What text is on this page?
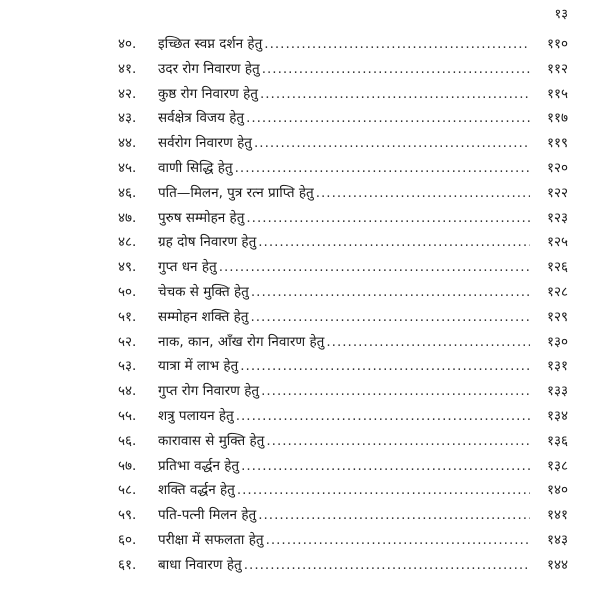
१३
४०.	इच्छित स्वप्न दर्शन हेतु .....	११०
४१.	उदर रोग निवारण हेतु .....	११२
४२.	कुष्ठ रोग निवारण हेतु .....	११५
४३.	सर्वक्षेत्र विजय हेतु .....	११७
४४.	सर्वरोग निवारण हेतु .....	११९
४५.	वाणी सिद्धि हेतु .....	१२०
४६.	पति—मिलन, पुत्र रत्न प्राप्ति हेतु .....	१२२
४७.	पुरुष सम्मोहन हेतु .....	१२३
४८.	ग्रह दोष निवारण हेतु .....	१२५
४९.	गुप्त धन हेतु .....	१२६
५०.	चेचक से मुक्ति हेतु .....	१२८
५१.	सम्मोहन शक्ति हेतु .....	१२९
५२.	नाक, कान, आँख रोग निवारण हेतु .....	१३०
५३.	यात्रा में लाभ हेतु .....	१३१
५४.	गुप्त रोग निवारण हेतु .....	१३३
५५.	शत्रु पलायन हेतु .....	१३४
५६.	कारावास से मुक्ति हेतु .....	१३६
५७.	प्रतिभा वर्द्धन हेतु .....	१३८
५८.	शक्ति वर्द्धन हेतु .....	१४०
५९.	पति-पत्नी मिलन हेतु .....	१४१
६०.	परीक्षा में सफलता हेतु .....	१४३
६१.	बाधा निवारण हेतु .....	१४४
